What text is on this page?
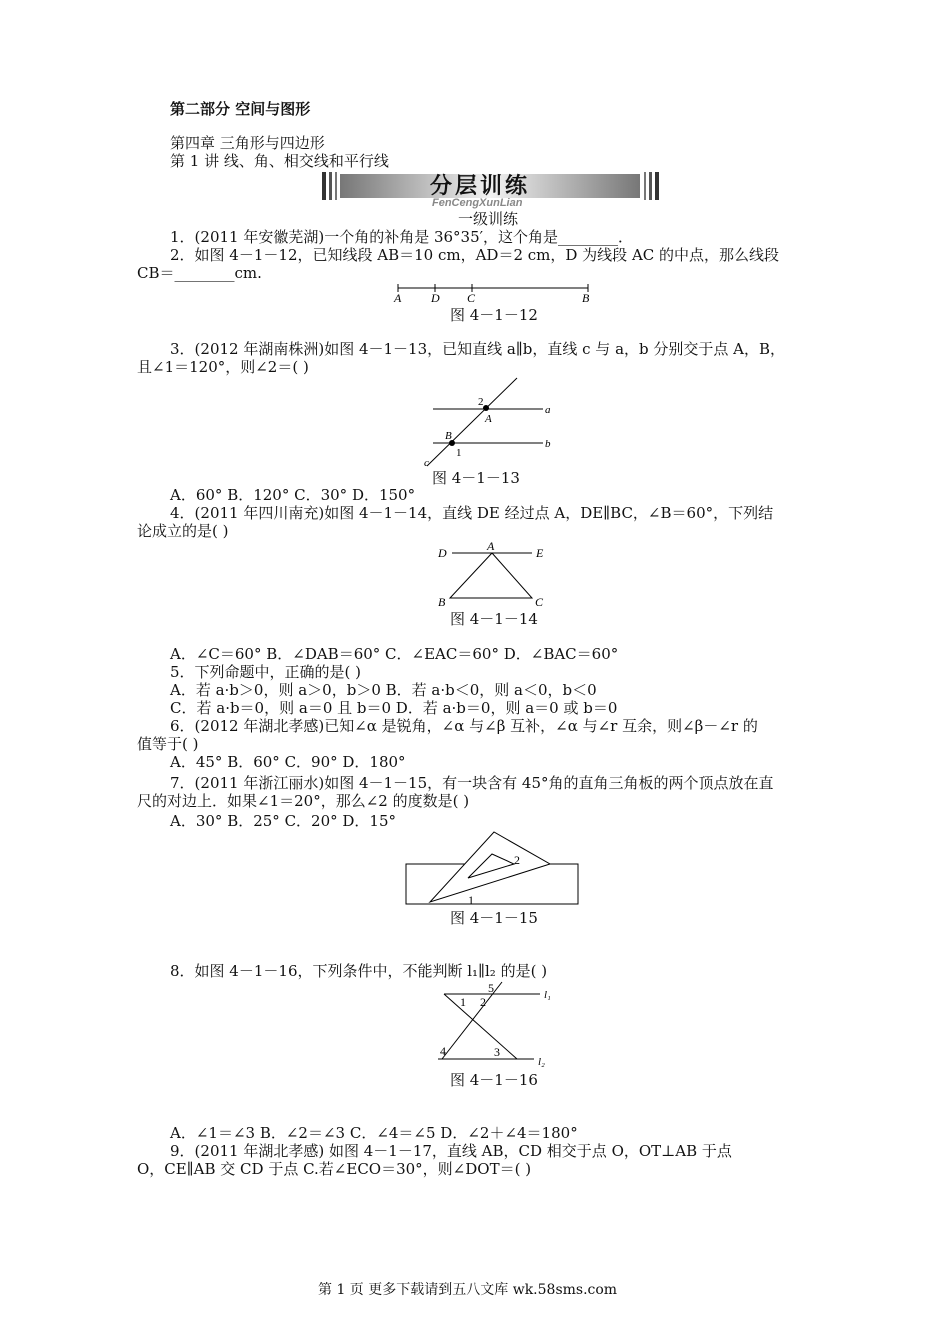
第二部分 空间与图形
第四章 三角形与四边形
第 1 讲 线、角、相交线和平行线
分层训练
FenCengXunLian
一级训练
1．(2011 年安徽芜湖)一个角的补角是 36°35′，这个角是________．
2．如图 4－1－12，已知线段 AB＝10 cm，AD＝2 cm，D 为线段 AC 的中点，那么线段
CB＝________cm.
A D C	B
图 4－1－12
3．(2012 年湖南株洲)如图 4－1－13，已知直线 a∥b，直线 c 与 a，b 分别交于点 A，B，
且∠1＝120°，则∠2＝( )
a
b
2
A
B
1
c
图 4－1－13
A．60° B．120° C．30° D．150°
4．(2011 年四川南充)如图 4－1－14，直线 DE 经过点 A，DE∥BC，∠B＝60°，下列结
论成立的是( )
D	A	E
B	C
图 4－1－14
A．∠C＝60° B．∠DAB＝60° C．∠EAC＝60° D．∠BAC＝60°
5．下列命题中，正确的是( )
A．若 a·b＞0，则 a＞0，b＞0 B．若 a·b＜0，则 a＜0，b＜0
C．若 a·b＝0，则 a＝0 且 b＝0 D．若 a·b＝0，则 a＝0 或 b＝0
6．(2012 年湖北孝感)已知∠α 是锐角，∠α 与∠β 互补，∠α 与∠r 互余，则∠β－∠r 的
值等于( )
A．45° B．60° C．90° D．180°
7．(2011 年浙江丽水)如图 4－1－15，有一块含有 45°角的直角三角板的两个顶点放在直
尺的对边上．如果∠1＝20°，那么∠2 的度数是( )
A．30° B．25° C．20° D．15°
2
1
图 4－1－15
8．如图 4－1－16，下列条件中，不能判断 l₁∥l₂ 的是( )
1 2
5
4	3
l₁
l₂
图 4－1－16
A．∠1＝∠3 B．∠2＝∠3 C．∠4＝∠5 D．∠2＋∠4＝180°
9．(2011 年湖北孝感) 如图 4－1－17，直线 AB，CD 相交于点 O，OT⊥AB 于点
O，CE∥AB 交 CD 于点 C.若∠ECO＝30°，则∠DOT＝( )
第 1 页 更多下载请到五八文库 wk.58sms.com
